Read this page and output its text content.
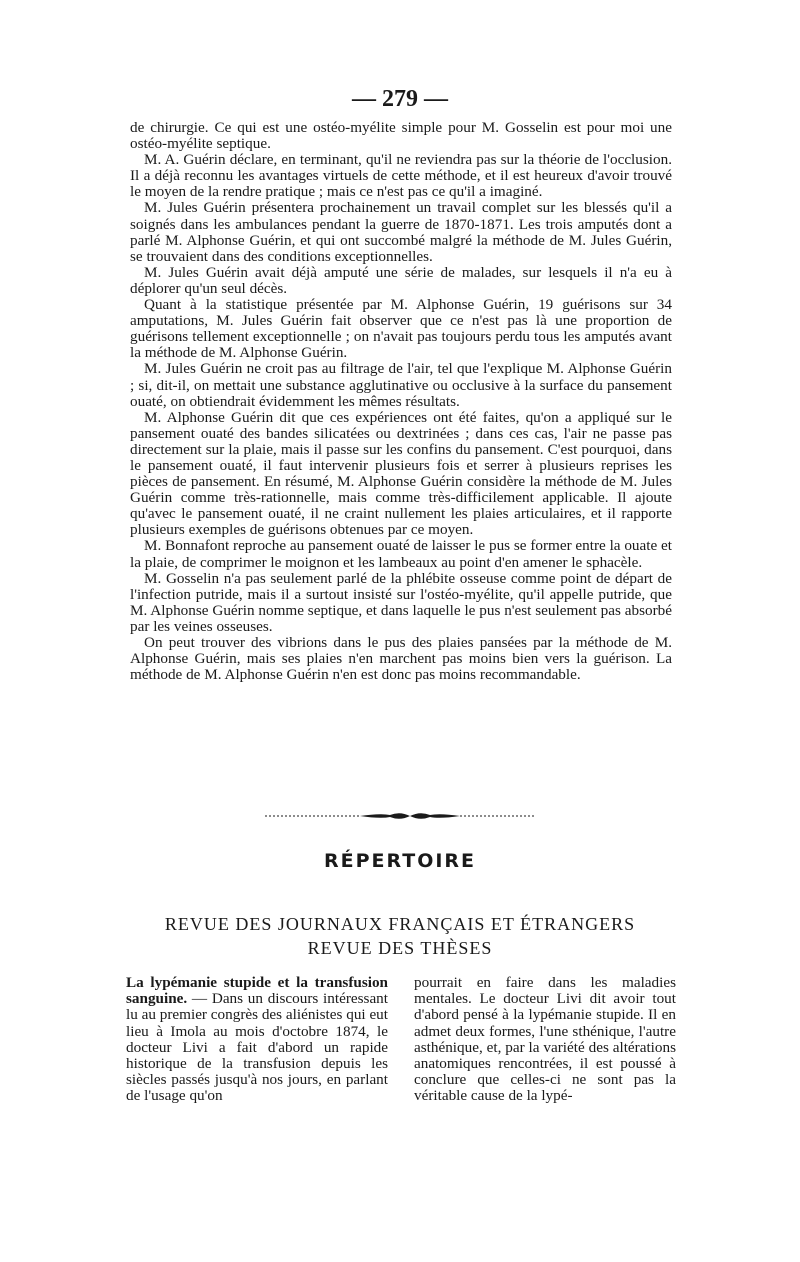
— 279 —

de chirurgie. Ce qui est une ostéo-myélite simple pour M. Gosselin est pour moi une ostéo-myélite septique.

M. A. Guérin déclare, en terminant, qu'il ne reviendra pas sur la théorie de l'occlusion. Il a déjà reconnu les avantages virtuels de cette méthode, et il est heureux d'avoir trouvé le moyen de la rendre pratique ; mais ce n'est pas ce qu'il a imaginé.

M. Jules Guérin présentera prochainement un travail complet sur les blessés qu'il a soignés dans les ambulances pendant la guerre de 1870-1871. Les trois amputés dont a parlé M. Alphonse Guérin, et qui ont succombé malgré la méthode de M. Jules Guérin, se trouvaient dans des conditions exceptionnelles.

M. Jules Guérin avait déjà amputé une série de malades, sur lesquels il n'a eu à déplorer qu'un seul décès.

Quant à la statistique présentée par M. Alphonse Guérin, 19 guérisons sur 34 amputations, M. Jules Guérin fait observer que ce n'est pas là une proportion de guérisons tellement exceptionnelle ; on n'avait pas toujours perdu tous les amputés avant la méthode de M. Alphonse Guérin.

M. Jules Guérin ne croit pas au filtrage de l'air, tel que l'explique M. Alphonse Guérin ; si, dit-il, on mettait une substance agglutinative ou occlusive à la surface du pansement ouaté, on obtiendrait évidemment les mêmes résultats.

M. Alphonse Guérin dit que ces expériences ont été faites, qu'on a appliqué sur le pansement ouaté des bandes silicatées ou dextrinées ; dans ces cas, l'air ne passe pas directement sur la plaie, mais il passe sur les confins du pansement. C'est pourquoi, dans le pansement ouaté, il faut intervenir plusieurs fois et serrer à plusieurs reprises les pièces de pansement. En résumé, M. Alphonse Guérin considère la méthode de M. Jules Guérin comme très-rationnelle, mais comme très-difficilement applicable. Il ajoute qu'avec le pansement ouaté, il ne craint nullement les plaies articulaires, et il rapporte plusieurs exemples de guérisons obtenues par ce moyen.

M. Bonnafont reproche au pansement ouaté de laisser le pus se former entre la ouate et la plaie, de comprimer le moignon et les lambeaux au point d'en amener le sphacèle.

M. Gosselin n'a pas seulement parlé de la phlébite osseuse comme point de départ de l'infection putride, mais il a surtout insisté sur l'ostéo-myélite, qu'il appelle putride, que M. Alphonse Guérin nomme septique, et dans laquelle le pus n'est seulement pas absorbé par les veines osseuses.

On peut trouver des vibrions dans le pus des plaies pansées par la méthode de M. Alphonse Guérin, mais ses plaies n'en marchent pas moins bien vers la guérison. La méthode de M. Alphonse Guérin n'en est donc pas moins recommandable.

RÉPERTOIRE
REVUE DES JOURNAUX FRANÇAIS ET ÉTRANGERS
REVUE DES THÈSES

La lypémanie stupide et la transfusion sanguine. — Dans un discours intéressant lu au premier congrès des aliénistes qui eut lieu à Imola au mois d'octobre 1874, le docteur Livi a fait d'abord un rapide historique de la transfusion depuis les siècles passés jusqu'à nos jours, en parlant de l'usage qu'on

pourrait en faire dans les maladies mentales. Le docteur Livi dit avoir tout d'abord pensé à la lypémanie stupide. Il en admet deux formes, l'une sthénique, l'autre asthénique, et, par la variété des altérations anatomiques rencontrées, il est poussé à conclure que celles-ci ne sont pas la véritable cause de la lypé-
